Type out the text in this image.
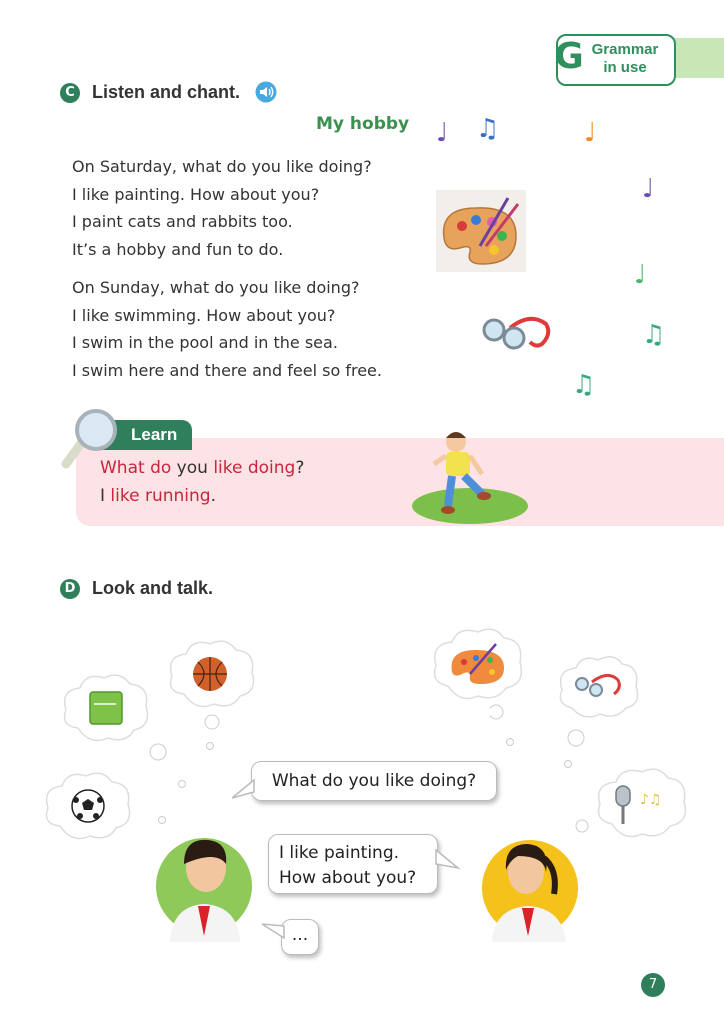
G Grammar
in use
C Listen and chant.
My hobby
On Saturday, what do you like doing?
I like painting. How about you?
I paint cats and rabbits too.
It’s a hobby and fun to do.
On Sunday, what do you like doing?
I like swimming. How about you?
I swim in the pool and in the sea.
I swim here and there and feel so free.
♩ ♫	♩
♩
♩
♫
♫
Learn
What do you like doing?
I like running.
D Look and talk.
♪♫
What do you like doing?
I like painting.
How about you?
...
7
